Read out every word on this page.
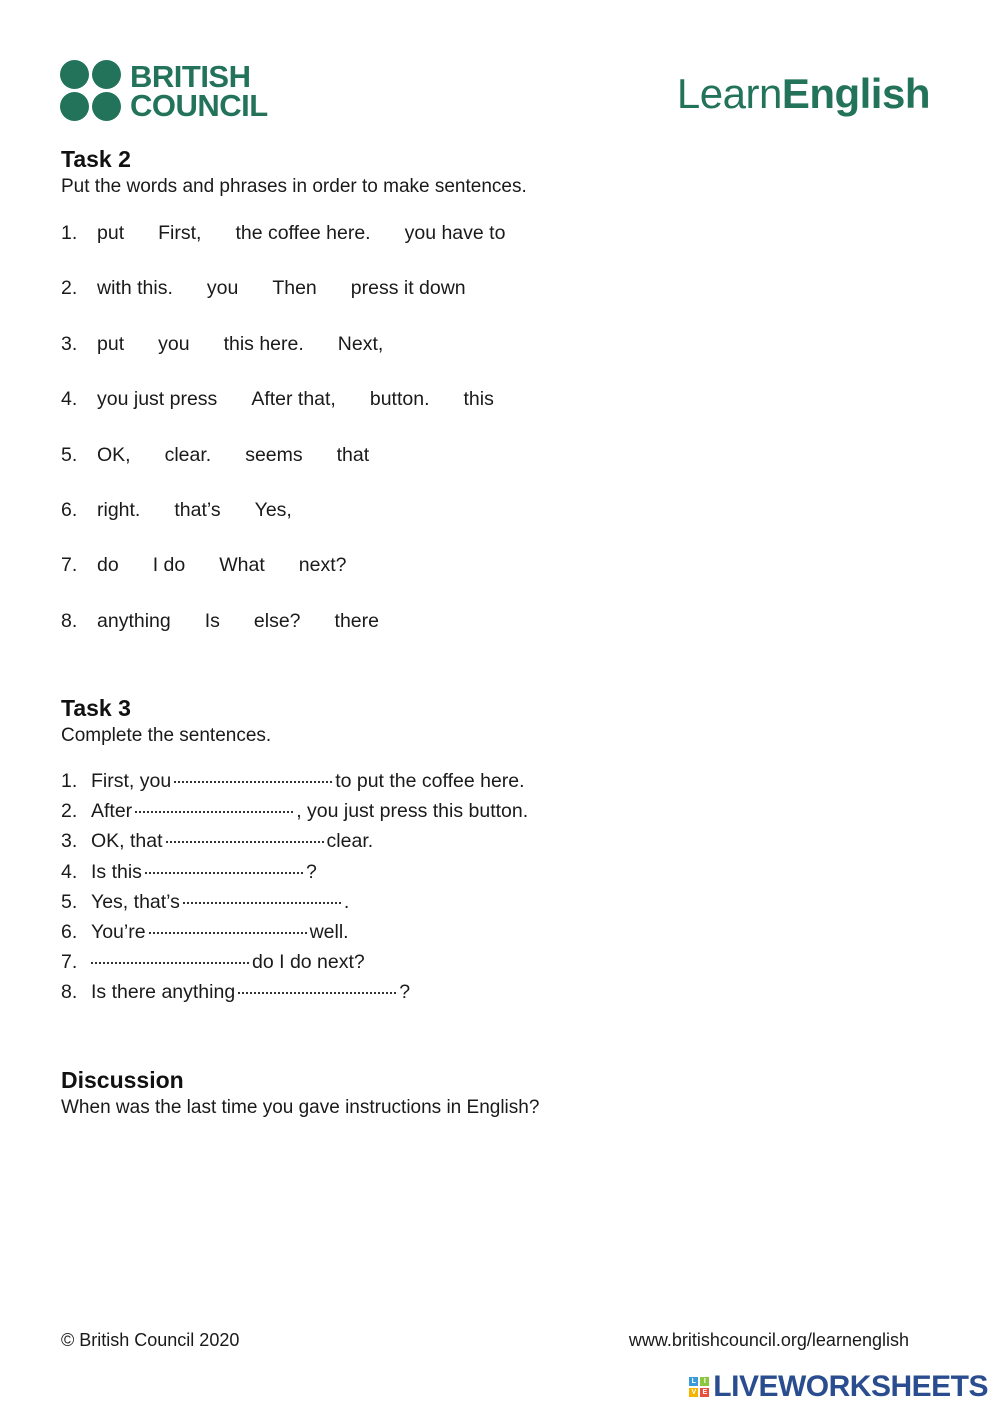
BRITISH
COUNCIL	LearnEnglish
Task 2
Put the words and phrases in order to make sentences.
1.	put First, the coffee here. you have to
2.	with this. you Then press it down
3.	put you this here. Next,
4.	you just press After that, button. this
5.	OK, clear. seems that
6.	right. that’s Yes,
7.	do I do What next?
8.	anything Is else? there
Task 3
Complete the sentences.
1. First, you	to put the coffee here.
2. After	, you just press this button.
3. OK, that	clear.
4. Is this	?
5. Yes, that’s	.
6. You’re	well.
7.	do I do next?
8. Is there anything	?
Discussion
When was the last time you gave instructions in English?
© British Council 2020	www.britishcouncil.org/learnenglish
L	I
V E LIVEWORKSHEETS
